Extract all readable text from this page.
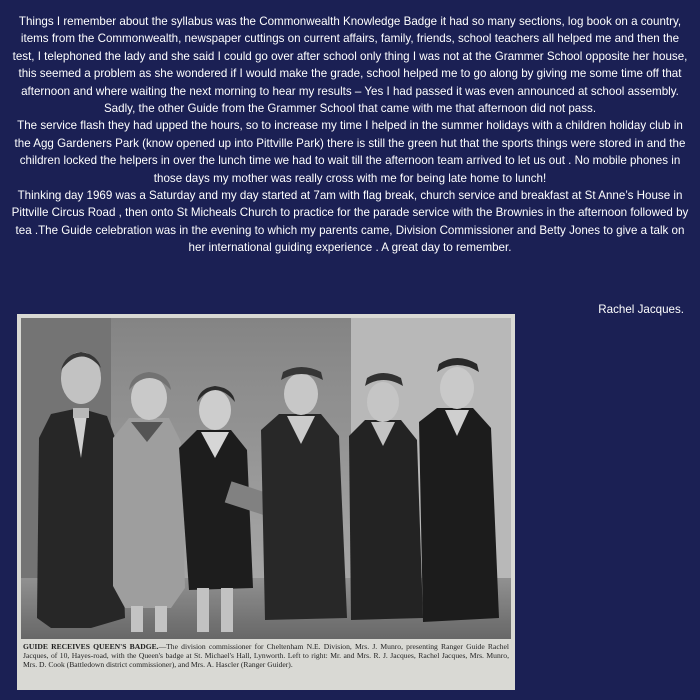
Things I remember about the syllabus was the Commonwealth Knowledge Badge it had so many sections, log book on a country, items from the Commonwealth, newspaper cuttings on current affairs, family, friends, school teachers all helped me and then the test, I telephoned the lady and she said I could go over after school only thing I was not at the Grammer School opposite her house, this seemed a problem as she wondered if I would make the grade, school helped me to go along by giving me some time off that afternoon and where waiting the next morning to hear my results – Yes I had passed it was even announced at school assembly. Sadly, the other Guide from the Grammer School that came with me that afternoon did not pass.

The service flash they had upped the hours, so to increase my time I helped in the summer holidays with a children holiday club in the Agg Gardeners Park (know opened up into Pittville Park) there is still the green hut that the sports things were stored in and the children locked the helpers in over the lunch time we had to wait till the afternoon team arrived to let us out . No mobile phones in those days my mother was really cross with me for being late home to lunch!

Thinking day 1969 was a Saturday and my day started at 7am with flag break, church service and breakfast at St Anne’s House in Pittville Circus Road , then onto St Micheals Church to practice for the parade service with the Brownies in the afternoon followed by tea .The Guide celebration was in the evening to which my parents came, Division Commissioner and Betty Jones to give a talk on her international guiding experience . A great day to remember.

Rachel Jacques.
GUIDE RECEIVES QUEEN'S BADGE.—The division commissioner for Cheltenham N.E. Division, Mrs. J. Munro, presenting Ranger Guide Rachel Jacques, of 10, Hayes-road, with the Queen's badge at St. Michael's Hall, Lynworth. Left to right: Mr. and Mrs. R. J. Jacques, Rachel Jacques, Mrs. Munro, Mrs. D. Cook (Battledown district commissioner), and Mrs. A. Hascler (Ranger Guider).
